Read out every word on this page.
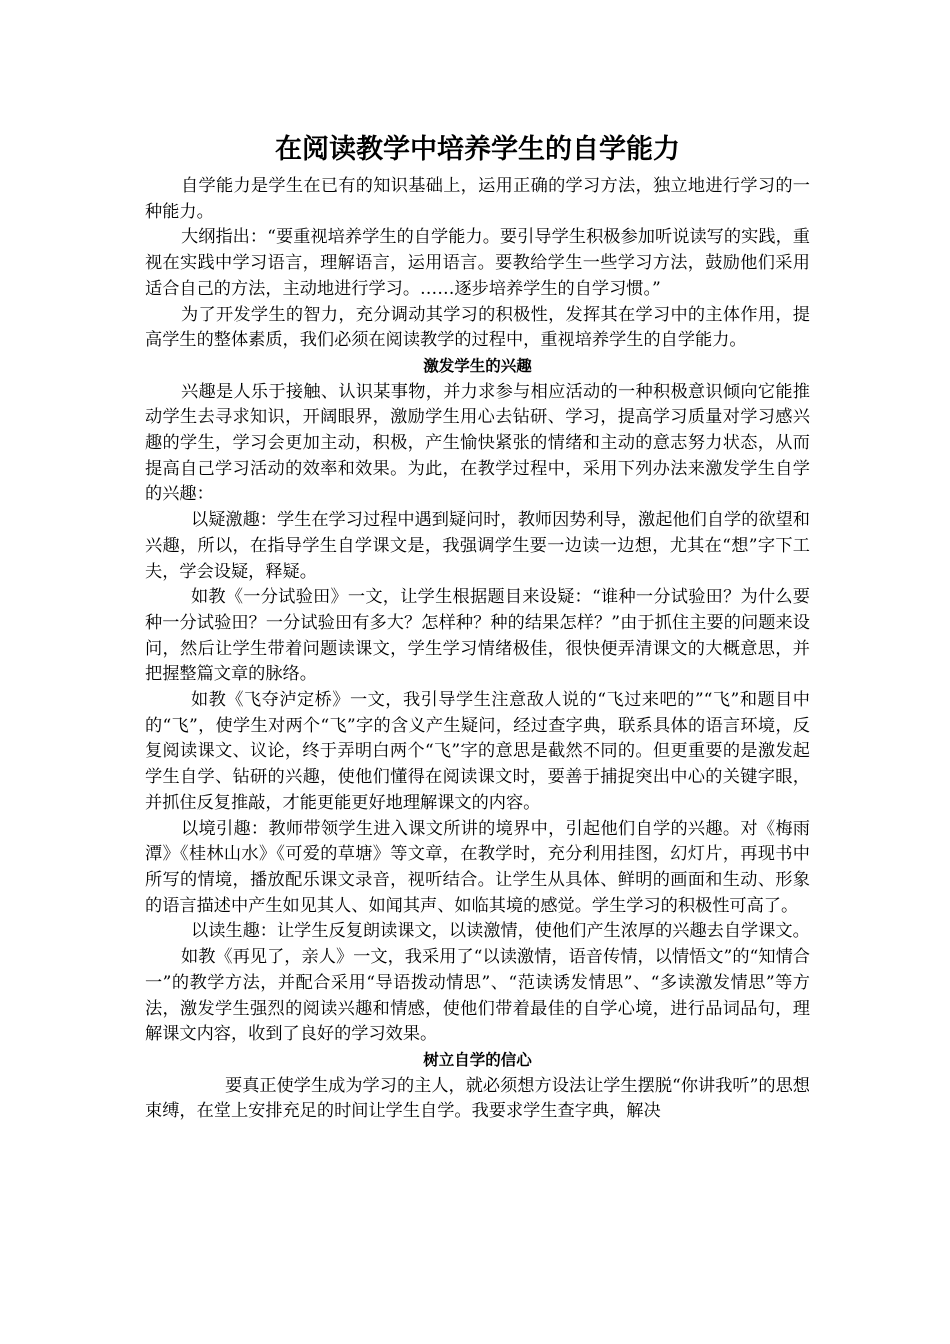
在阅读教学中培养学生的自学能力

自学能力是学生在已有的知识基础上，运用正确的学习方法，独立地进行学习的一种能力。

大纲指出：“要重视培养学生的自学能力。要引导学生积极参加听说读写的实践，重视在实践中学习语言，理解语言，运用语言。要教给学生一些学习方法，鼓励他们采用适合自己的方法，主动地进行学习。……逐步培养学生的自学习惯。”

为了开发学生的智力，充分调动其学习的积极性，发挥其在学习中的主体作用，提高学生的整体素质，我们必须在阅读教学的过程中，重视培养学生的自学能力。

激发学生的兴趣

兴趣是人乐于接触、认识某事物，并力求参与相应活动的一种积极意识倾向它能推动学生去寻求知识，开阔眼界，激励学生用心去钻研、学习，提高学习质量对学习感兴趣的学生，学习会更加主动，积极，产生愉快紧张的情绪和主动的意志努力状态，从而提高自己学习活动的效率和效果。为此，在教学过程中，采用下列办法来激发学生自学的兴趣：

以疑激趣：学生在学习过程中遇到疑问时，教师因势利导，激起他们自学的欲望和兴趣，所以，在指导学生自学课文是，我强调学生要一边读一边想，尤其在“想”字下工夫，学会设疑，释疑。

如教《一分试验田》一文，让学生根据题目来设疑：“谁种一分试验田？为什么要种一分试验田？一分试验田有多大？怎样种？种的结果怎样？”由于抓住主要的问题来设问，然后让学生带着问题读课文，学生学习情绪极佳，很快便弄清课文的大概意思，并把握整篇文章的脉络。

如教《飞夺泸定桥》一文，我引导学生注意敌人说的“飞过来吧的”“飞”和题目中的“飞”，使学生对两个“飞”字的含义产生疑问，经过查字典，联系具体的语言环境，反复阅读课文、议论，终于弄明白两个“飞”字的意思是截然不同的。但更重要的是激发起学生自学、钻研的兴趣，使他们懂得在阅读课文时，要善于捕捉突出中心的关键字眼，并抓住反复推敲，才能更能更好地理解课文的内容。

以境引趣：教师带领学生进入课文所讲的境界中，引起他们自学的兴趣。对《梅雨潭》《桂林山水》《可爱的草塘》等文章，在教学时，充分利用挂图，幻灯片，再现书中所写的情境，播放配乐课文录音，视听结合。让学生从具体、鲜明的画面和生动、形象的语言描述中产生如见其人、如闻其声、如临其境的感觉。学生学习的积极性可高了。

以读生趣：让学生反复朗读课文，以读激情，使他们产生浓厚的兴趣去自学课文。

如教《再见了，亲人》一文，我采用了“以读激情，语音传情，以情悟文”的“知情合一”的教学方法，并配合采用“导语拨动情思”、“范读诱发情思”、“多读激发情思”等方法，激发学生强烈的阅读兴趣和情感，使他们带着最佳的自学心境，进行品词品句，理解课文内容，收到了良好的学习效果。

树立自学的信心

要真正使学生成为学习的主人，就必须想方设法让学生摆脱“你讲我听”的思想束缚，在堂上安排充足的时间让学生自学。我要求学生查字典，解决
